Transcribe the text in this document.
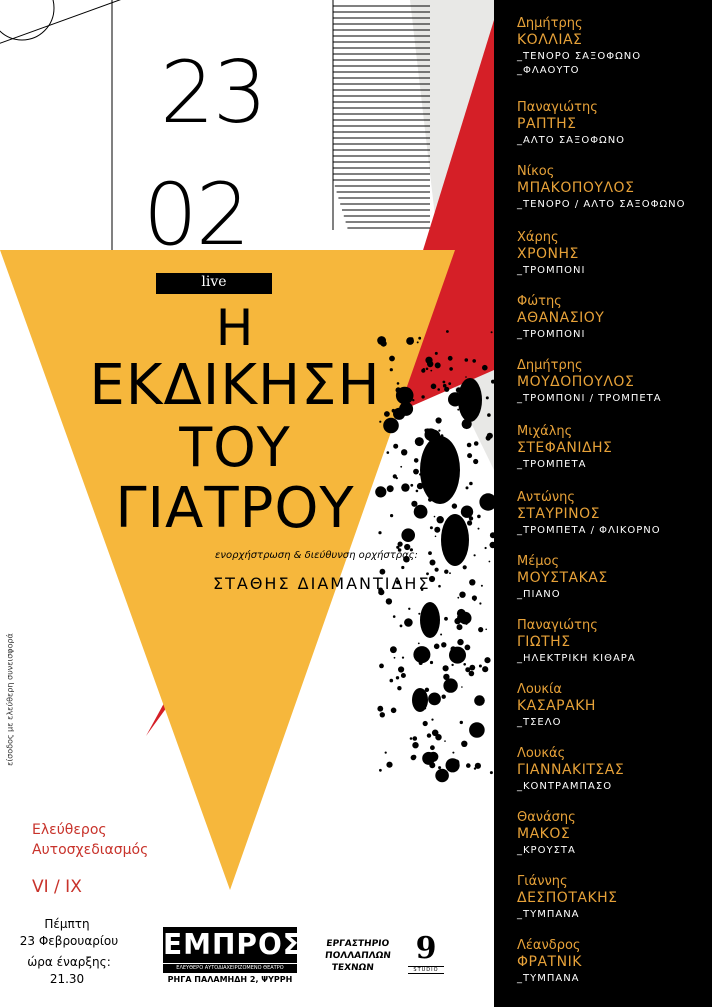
23
02
live
Η
ΕΚΔΙΚΗΣΗ
ΤΟΥ
ΓΙΑΤΡΟΥ
ενορχήστρωση & διεύθυνση ορχήστρας:
ΣΤΑΘΗΣ ΔΙΑΜΑΝΤΙΔΗΣ
είσοδος με ελεύθερη συνεισφορά
Ελεύθερος
Αυτοσχεδιασμός
VI / IX
Πέμπτη
23 Φεβρουαρίου
ώρα έναρξης:
21.30
ΕΜΠΡΟΣ
ΕΛΕΥΘΕΡΟ ΑΥΤΟΔΙΑΧΕΙΡΙΖΟΜΕΝΟ ΘΕΑΤΡΟ
ΡΗΓΑ ΠΑΛΑΜΗΔΗ 2, ΨΥΡΡΗ
ΕΡΓΑΣΤΗΡΙΟ
ΠΟΛΛΑΠΛΩΝ
ΤΕΧΝΩΝ
9
STUDIO
Δημήτρης
ΚΟΛΛΙΑΣ
_ΤΕΝΟΡΟ ΣΑΞΟΦΩΝΟ
_ΦΛΑΟΥΤΟ
Παναγιώτης
ΡΑΠΤΗΣ
_ΑΛΤΟ ΣΑΞΟΦΩΝΟ
Νίκος
ΜΠΑΚΟΠΟΥΛΟΣ
_ΤΕΝΟΡΟ / ΑΛΤΟ ΣΑΞΟΦΩΝΟ
Χάρης
ΧΡΟΝΗΣ
_ΤΡΟΜΠΟΝΙ
Φώτης
ΑΘΑΝΑΣΙΟΥ
_ΤΡΟΜΠΟΝΙ
Δημήτρης
ΜΟΥΔΟΠΟΥΛΟΣ
_ΤΡΟΜΠΟΝΙ / ΤΡΟΜΠΕΤΑ
Μιχάλης
ΣΤΕΦΑΝΙΔΗΣ
_ΤΡΟΜΠΕΤΑ
Αντώνης
ΣΤΑΥΡΙΝΟΣ
_ΤΡΟΜΠΕΤΑ / ΦΛΙΚΟΡΝΟ
Μέμος
ΜΟΥΣΤΑΚΑΣ
_ΠΙΑΝΟ
Παναγιώτης
ΓΙΩΤΗΣ
_ΗΛΕΚΤΡΙΚΗ ΚΙΘΑΡΑ
Λουκία
ΚΑΣΑΡΑΚΗ
_ΤΣΕΛΟ
Λουκάς
ΓΙΑΝΝΑΚΙΤΣΑΣ
_ΚΟΝΤΡΑΜΠΑΣΟ
Θανάσης
ΜΑΚΟΣ
_ΚΡΟΥΣΤΑ
Γιάννης
ΔΕΣΠΟΤΑΚΗΣ
_ΤΥΜΠΑΝΑ
Λέανδρος
ΦΡΑΤΝΙΚ
_ΤΥΜΠΑΝΑ
